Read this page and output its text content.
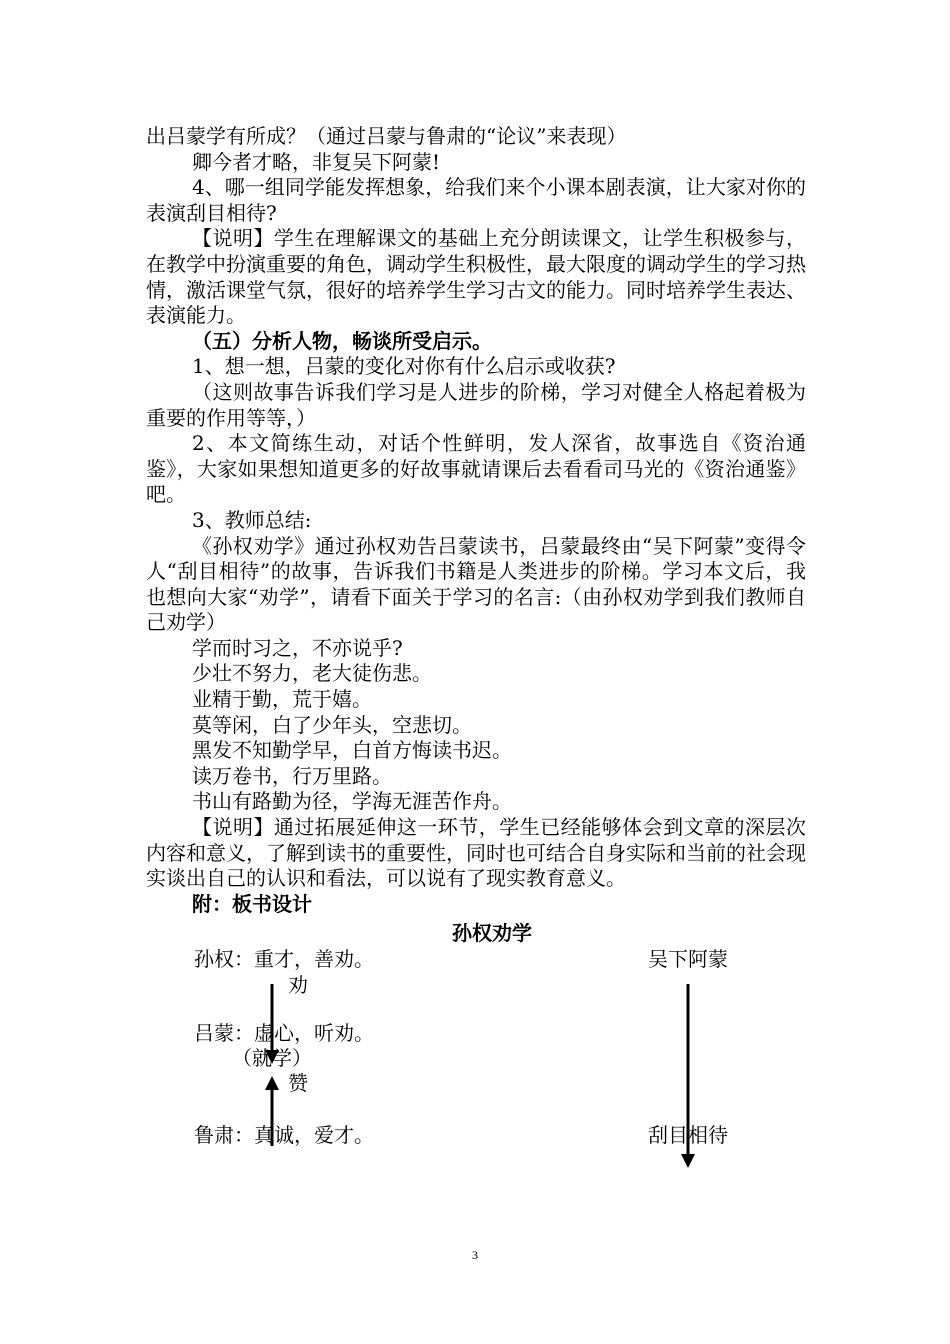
出吕蒙学有所成？（通过吕蒙与鲁肃的“论议”来表现）

卿今者才略，非复吴下阿蒙!

4、哪一组同学能发挥想象，给我们来个小课本剧表演，让大家对你的表演刮目相待?

【说明】学生在理解课文的基础上充分朗读课文，让学生积极参与，在教学中扮演重要的角色，调动学生积极性，最大限度的调动学生的学习热情，激活课堂气氛，很好的培养学生学习古文的能力。同时培养学生表达、表演能力。

（五）分析人物，畅谈所受启示。

1、想一想，吕蒙的变化对你有什么启示或收获?

（这则故事告诉我们学习是人进步的阶梯，学习对健全人格起着极为重要的作用等等，）

2、本文简练生动，对话个性鲜明，发人深省，故事选自《资治通鉴》，大家如果想知道更多的好故事就请课后去看看司马光的《资治通鉴》吧。

3、教师总结:

《孙权劝学》通过孙权劝告吕蒙读书，吕蒙最终由“吴下阿蒙”变得令人“刮目相待”的故事，告诉我们书籍是人类进步的阶梯。学习本文后，我也想向大家“劝学”，请看下面关于学习的名言:（由孙权劝学到我们教师自己劝学）

学而时习之，不亦说乎?

少壮不努力，老大徒伤悲。

业精于勤，荒于嬉。

莫等闲，白了少年头，空悲切。

黑发不知勤学早，白首方悔读书迟。

读万卷书，行万里路。

书山有路勤为径，学海无涯苦作舟。

【说明】通过拓展延伸这一环节，学生已经能够体会到文章的深层次内容和意义，了解到读书的重要性，同时也可结合自身实际和当前的社会现实谈出自己的认识和看法，可以说有了现实教育意义。

附：板书设计

孙权劝学
孙权：重才，善劝。
劝
吕蒙：虚心，听劝。
（就学）
赞
鲁肃：真诚，爱才。
吴下阿蒙
刮目相待
3
